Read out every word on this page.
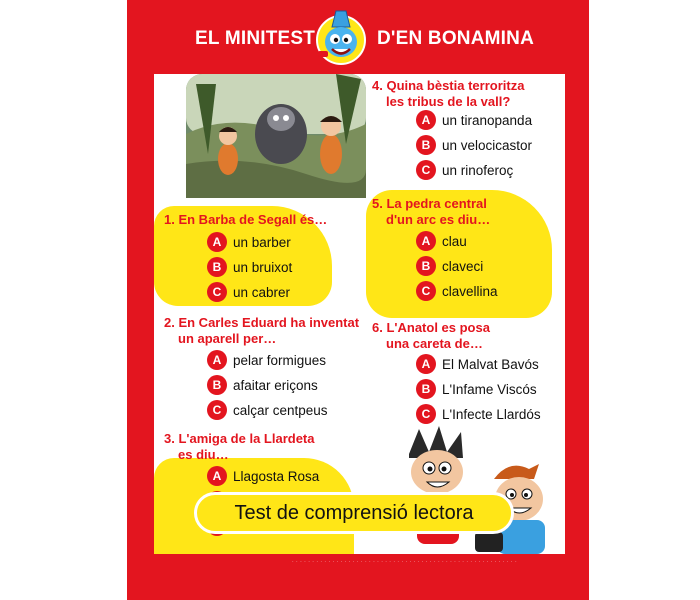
EL MINITEST	D'EN BONAMINA
1. En Barba de Segall és…
A un barber
B un bruixot
C un cabrer
2. En Carles Eduard ha inventat
un aparell per…
A pelar formigues
B afaitar eriçons
C calçar centpeus
3. L'amiga de la Llardeta
es diu…
A Llagosta Rosa
4. Quina bèstia terroritza
les tribus de la vall?
A un tiranopanda
B un velocicastor
C un rinoferoç
5. La pedra central
d'un arc es diu…
A clau
B claveci
C clavellina
6. L'Anatol es posa
una careta de…
A El Malvat Bavós
B L'Infame Viscós
C L'Infecte Llardós
· · · · · · · · · · · · · · · · · · · · · · · · · · · · · · · · · · · · · · · · · · · · · · · · · · · · · · · ·
Test de comprensió lectora
